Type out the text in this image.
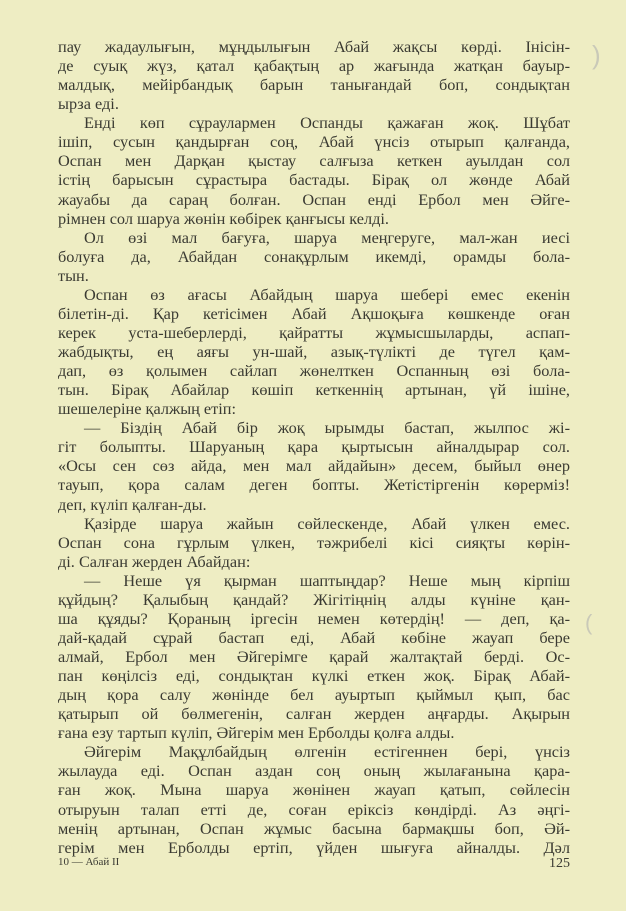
пау жадаулығын, мұңдылығын Абай жақсы көрді. Інісін-
де суық жүз, қатал қабақтың ар жағында жатқан бауыр-
малдық, мейірбандық барын танығандай боп, сондықтан
ырза еді.
Енді көп сұраулармен Оспанды қажаған жоқ. Шұбат
ішіп, сусын қандырған соң, Абай үнсіз отырып қалғанда,
Оспан мен Дарқан қыстау салғыза кеткен ауылдан сол
істің барысын сұрастыра бастады. Бірақ ол жөнде Абай
жауабы да сараң болған. Оспан енді Ербол мен Әйге-
рімнен сол шаруа жөнін көбірек қанғысы келді.
Ол өзі мал бағуға, шаруа меңгеруге, мал-жан иесі
болуға да, Абайдан сонақұрлым икемді, орамды бола-
тын.
Оспан өз ағасы Абайдың шаруа шебері емес екенін
білетін-ді. Қар кетісімен Абай Ақшоқыға көшкенде оған
керек уста-шеберлерді, қайратты жұмысшыларды, аспап-
жабдықты, ең аяғы ун-шай, азық-түлікті де түгел қам-
дап, өз қолымен сайлап жөнелткен Оспанның өзі бола-
тын. Бірақ Абайлар көшіп кеткеннің артынан, үй ішіне,
шешелеріне қалжың етіп:
— Біздің Абай бір жоқ ырымды бастап, жылпос жі-
гіт болыпты. Шаруаның қара қыртысын айналдырар сол.
«Осы сен сөз айда, мен мал айдайын» десем, быйыл өнер
тауып, қора салам деген бопты. Жетістіргенін көрерміз!
деп, күліп қалған-ды.
Қазірде шаруа жайын сөйлескенде, Абай үлкен емес.
Оспан сона гұрлым үлкен, тәжрибелі кісі сияқты көрін-
ді. Салған жерден Абайдан:
— Неше үя қырман шаптыңдар? Неше мың кірпіш
құйдың? Қалыбың қандай? Жігітіңнің алды күніне қан-
ша құяды? Қораның іргесін немен көтердің! — деп, қа-
дай-қадай сұрай бастап еді, Абай көбіне жауап бере
алмай, Ербол мен Әйгерімге қарай жалтақтай берді. Ос-
пан көңілсіз еді, сондықтан күлкі еткен жоқ. Бірақ Абай-
дың қора салу жөнінде бел ауыртып қыймыл қып, бас
қатырып ой бөлмегенін, салған жерден аңғарды. Ақырын
ғана езу тартып күліп, Әйгерім мен Ерболды қолға алды.
Әйгерім Мақұлбайдың өлгенін естігеннен бері, үнсіз
жылауда еді. Оспан аздан соң оның жылағанына қара-
ған жоқ. Мына шаруа жөнінен жауап қатып, сөйлесін
отыруын талап етті де, соған еріксіз көндірді. Аз әңгі-
менің артынан, Оспан жұмыс басына бармақшы боп, Әй-
герім мен Ерболды ертіп, үйден шығуға айналды. Дәл
10 — Абай II	125
)
(
